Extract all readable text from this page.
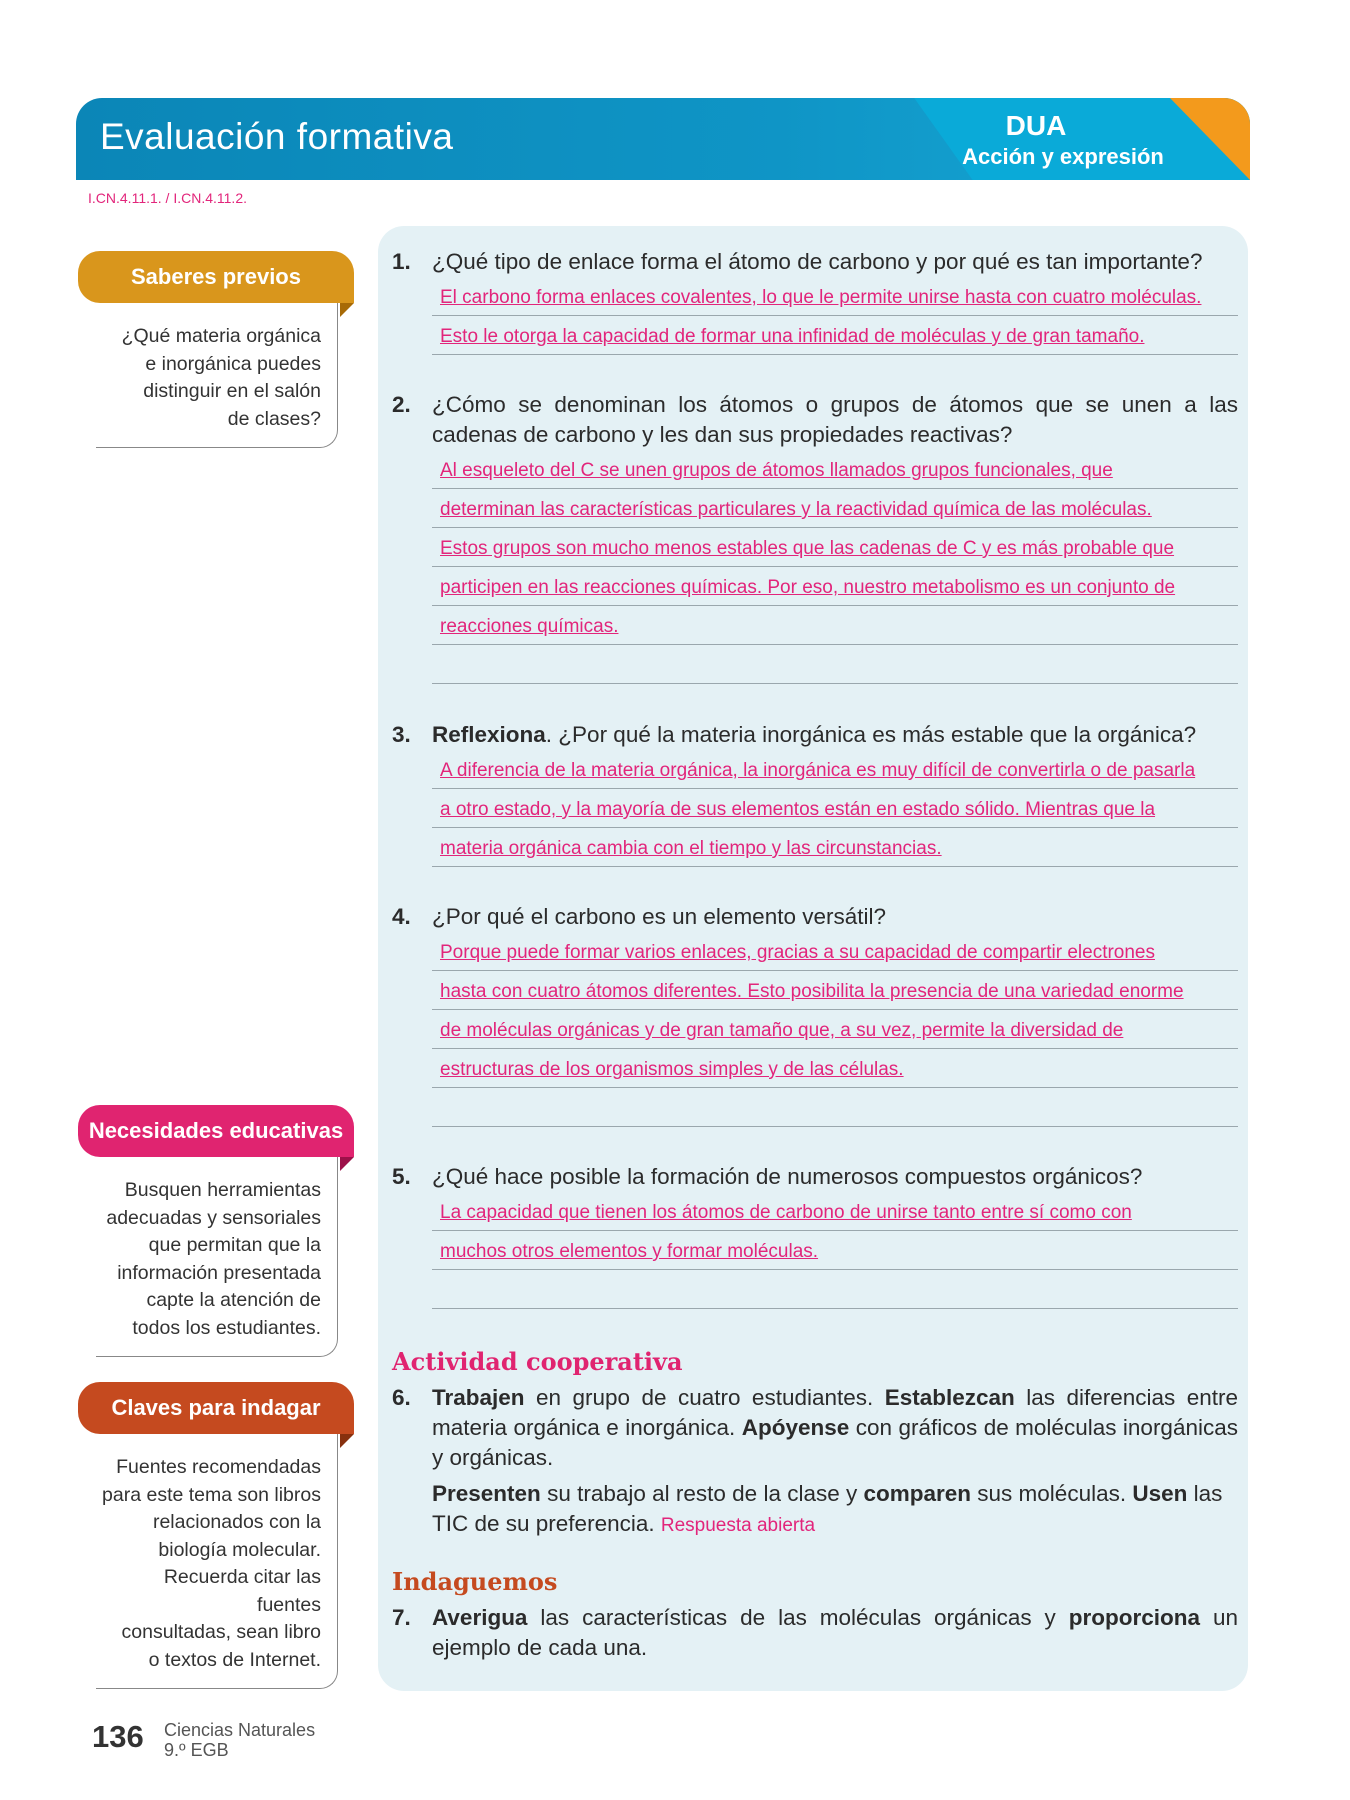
Evaluación formativa	DUA
Acción y expresión
I.CN.4.11.1. / I.CN.4.11.2.
Saberes previos
¿Qué materia orgánica
e inorgánica puedes
distinguir en el salón
de clases?
Necesidades educativas
Busquen herramientas
adecuadas y sensoriales
que permitan que la
información presentada
capte la atención de
todos los estudiantes.
Claves para indagar
Fuentes recomendadas
para este tema son libros
relacionados con la
biología molecular.
Recuerda citar las fuentes
consultadas, sean libro
o textos de Internet.
1. ¿Qué tipo de enlace forma el átomo de carbono y por qué es tan importante?
El carbono forma enlaces covalentes, lo que le permite unirse hasta con cuatro moléculas.
Esto le otorga la capacidad de formar una infinidad de moléculas y de gran tamaño.
2. ¿Cómo se denominan los átomos o grupos de átomos que se unen a las cadenas de carbono y les dan sus propiedades reactivas?
Al esqueleto del C se unen grupos de átomos llamados grupos funcionales, que
determinan las características particulares y la reactividad química de las moléculas.
Estos grupos son mucho menos estables que las cadenas de C y es más probable que
participen en las reacciones químicas. Por eso, nuestro metabolismo es un conjunto de
reacciones químicas.
3. Reflexiona. ¿Por qué la materia inorgánica es más estable que la orgánica?
A diferencia de la materia orgánica, la inorgánica es muy difícil de convertirla o de pasarla
a otro estado, y la mayoría de sus elementos están en estado sólido. Mientras que la
materia orgánica cambia con el tiempo y las circunstancias.
4. ¿Por qué el carbono es un elemento versátil?
Porque puede formar varios enlaces, gracias a su capacidad de compartir electrones
hasta con cuatro átomos diferentes. Esto posibilita la presencia de una variedad enorme
de moléculas orgánicas y de gran tamaño que, a su vez, permite la diversidad de
estructuras de los organismos simples y de las células.
5. ¿Qué hace posible la formación de numerosos compuestos orgánicos?
La capacidad que tienen los átomos de carbono de unirse tanto entre sí como con
muchos otros elementos y formar moléculas.
Actividad cooperativa
6. Trabajen en grupo de cuatro estudiantes. Establezcan las diferencias entre materia orgánica e inorgánica. Apóyense con gráficos de moléculas inorgánicas y orgánicas.
Presenten su trabajo al resto de la clase y comparen sus moléculas. Usen las TIC de su preferencia. Respuesta abierta
Indaguemos
7. Averigua las características de las moléculas orgánicas y proporciona un ejemplo de cada una.
136 Ciencias Naturales
9.º EGB
